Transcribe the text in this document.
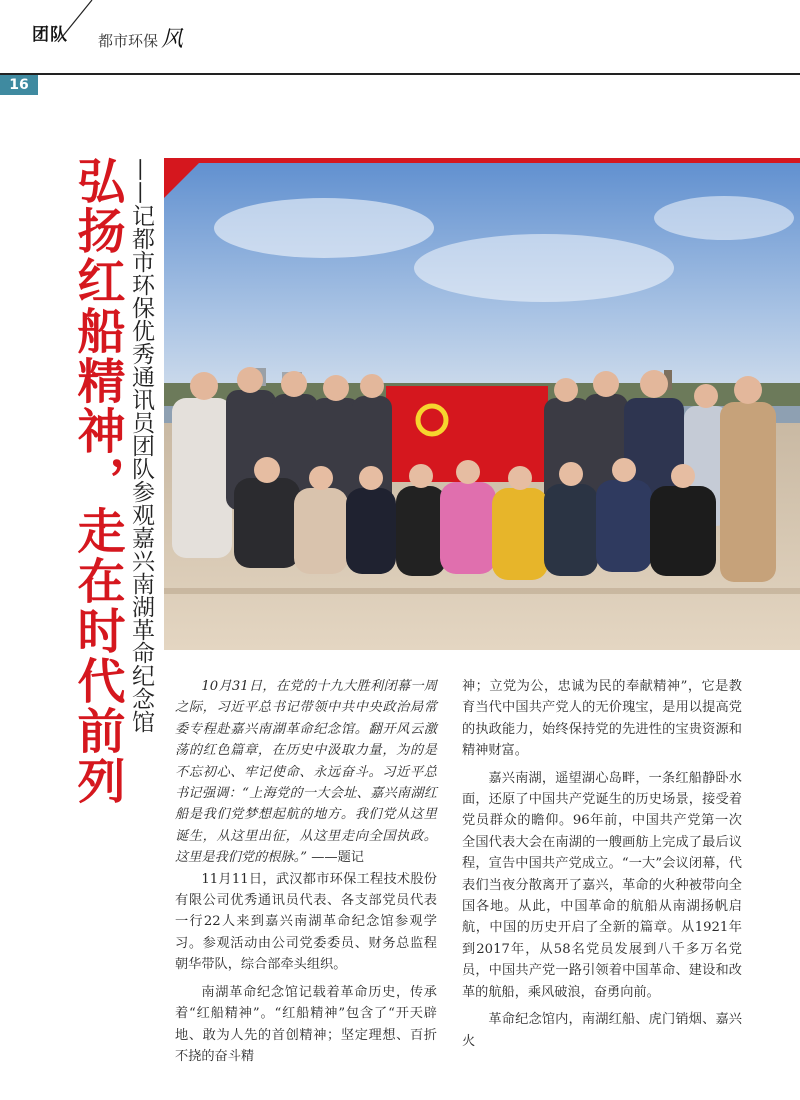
团队 都市环保 风
16
弘扬红船精神，走在时代前列 ——记都市环保优秀通讯员团队参观嘉兴南湖革命纪念馆	10月31日，在党的十九大胜利闭幕一周之际，习近平总书记带领中共中央政治局常委专程赴嘉兴南湖革命纪念馆。翻开风云激荡的红色篇章，在历史中汲取力量，为的是不忘初心、牢记使命、永远奋斗。习近平总书记强调：“上海党的一大会址、嘉兴南湖红船是我们党梦想起航的地方。我们党从这里诞生，从这里出征，从这里走向全国执政。这里是我们党的根脉。” ——题记

11月11日，武汉都市环保工程技术股份有限公司优秀通讯员代表、各支部党员代表一行22人来到嘉兴南湖革命纪念馆参观学习。参观活动由公司党委委员、财务总监程朝华带队，综合部牵头组织。

南湖革命纪念馆记载着革命历史，传承着“红船精神”。“红船精神”包含了“开天辟地、敢为人先的首创精神；坚定理想、百折不挠的奋斗精

神；立党为公，忠诚为民的奉献精神”，它是教育当代中国共产党人的无价瑰宝，是用以提高党的执政能力，始终保持党的先进性的宝贵资源和精神财富。

嘉兴南湖，遥望湖心岛畔，一条红船静卧水面，还原了中国共产党诞生的历史场景，接受着党员群众的瞻仰。96年前，中国共产党第一次全国代表大会在南湖的一艘画舫上完成了最后议程，宣告中国共产党成立。“一大”会议闭幕，代表们当夜分散离开了嘉兴，革命的火种被带向全国各地。从此，中国革命的航船从南湖扬帆启航，中国的历史开启了全新的篇章。从1921年到2017年，从58名党员发展到八千多万名党员，中国共产党一路引领着中国革命、建设和改革的航船，乘风破浪，奋勇向前。

革命纪念馆内，南湖红船、虎门销烟、嘉兴火
